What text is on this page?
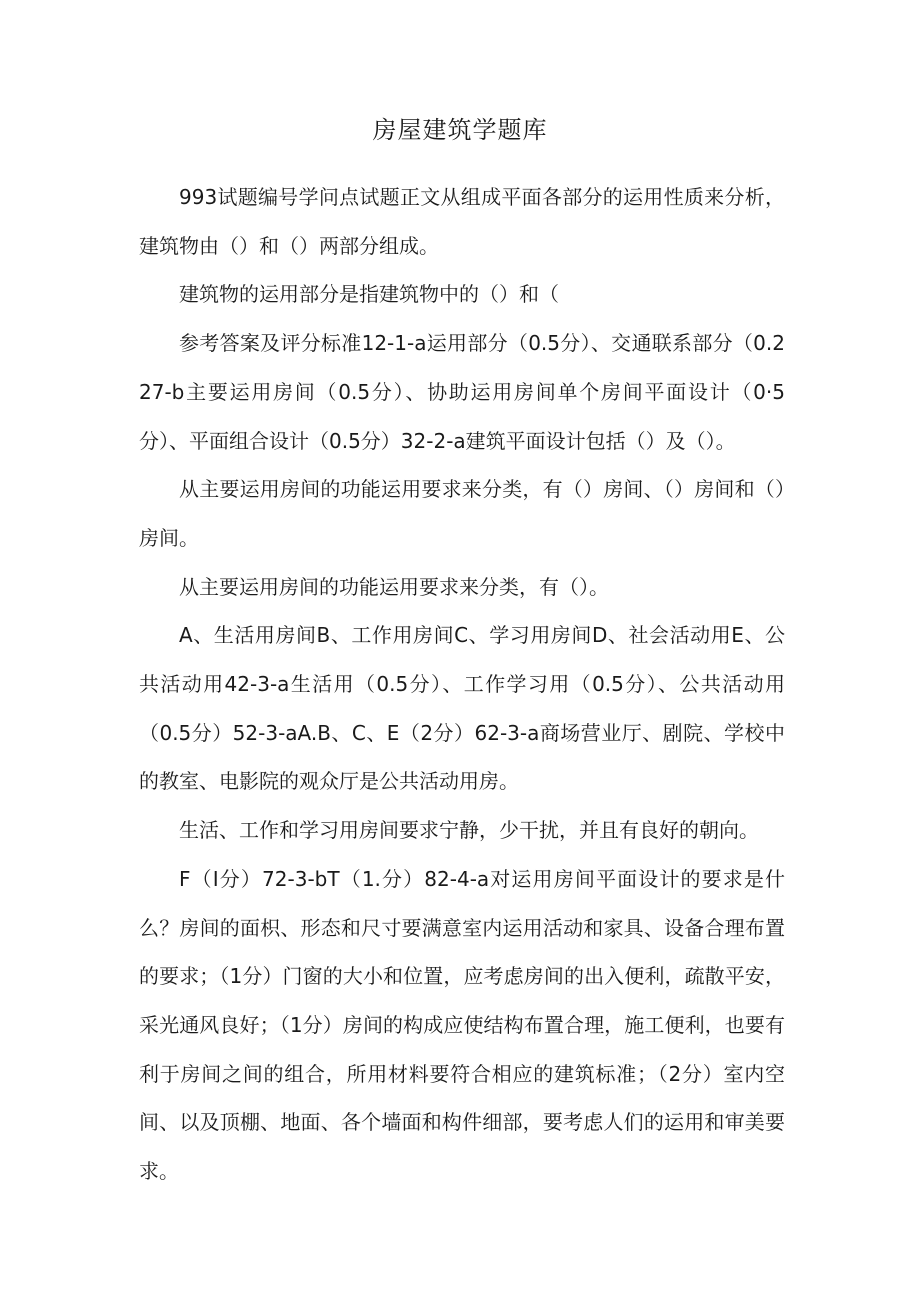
房屋建筑学题库

993试题编号学问点试题正文从组成平面各部分的运用性质来分析，建筑物由（）和（）两部分组成。

建筑物的运用部分是指建筑物中的（）和（

参考答案及评分标准12-1-a运用部分（0.5分）、交通联系部分（0.227-b主要运用房间（0.5分）、协助运用房间单个房间平面设计（0·5分）、平面组合设计（0.5分）32-2-a建筑平面设计包括（）及（）。

从主要运用房间的功能运用要求来分类，有（）房间、（）房间和（）房间。

从主要运用房间的功能运用要求来分类，有（）。

A、生活用房间B、工作用房间C、学习用房间D、社会活动用E、公共活动用42-3-a生活用（0.5分）、工作学习用（0.5分）、公共活动用（0.5分）52-3-aA.B、C、E（2分）62-3-a商场营业厅、剧院、学校中的教室、电影院的观众厅是公共活动用房。

生活、工作和学习用房间要求宁静，少干扰，并且有良好的朝向。

F（I分）72-3-bT（1.分）82-4-a对运用房间平面设计的要求是什么？房间的面枳、形态和尺寸要满意室内运用活动和家具、设备合理布置的要求；（1分）门窗的大小和位置，应考虑房间的出入便利，疏散平安，采光通风良好；（1分）房间的构成应使结构布置合理，施工便利，也要有利于房间之间的组合，所用材料要符合相应的建筑标准；（2分）室内空间、以及顶棚、地面、各个墙面和构件细部，要考虑人们的运用和审美要求。
